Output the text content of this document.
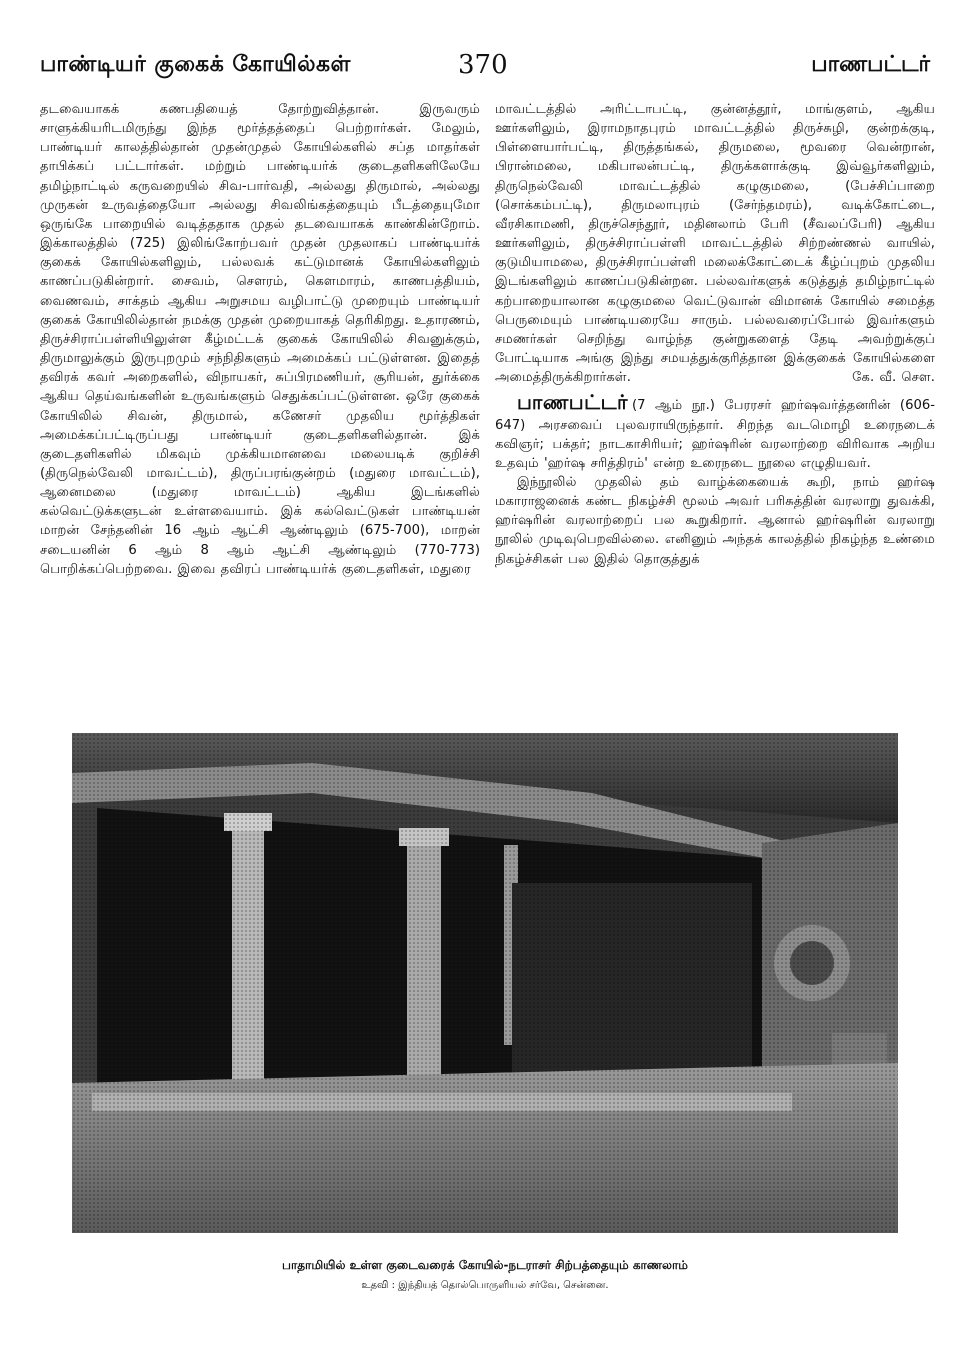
பாண்டியர் குகைக் கோயில்கள்	370	பாணபட்டர்

தடவையாகக் கணபதியைத் தோற்றுவித்தான். இருவரும் சாளுக்கியரிடமிருந்து இந்த மூர்த்தத்தைப் பெற்றார்கள். மேலும், பாண்டியர் காலத்தில்தான் முதன்முதல் கோயில்களில் சப்த மாதர்கள் தாபிக்கப் பட்டார்கள். மற்றும் பாண்டியர்க் குடைதளிகளிலேயே தமிழ்நாட்டில் கருவறையில் சிவ-பார்வதி, அல்லது திருமால், அல்லது முருகன் உருவத்தையோ அல்லது சிவலிங்கத்தையும் பீடத்தையுமோ ஒருங்கே பாறையில் வடித்ததாக முதல் தடவையாகக் காண்கின்றோம். இக்காலத்தில் (725) இலிங்கோற்பவர் முதன் முதலாகப் பாண்டியர்க் குகைக் கோயில்களிலும், பல்லவக் கட்டுமானக் கோயில்களிலும் காணப்படுகின்றார். சைவம், சௌரம், கௌமாரம், காணபத்தியம், வைணவம், சாக்தம் ஆகிய அறுசமய வழிபாட்டு முறையும் பாண்டியர் குகைக் கோயிலில்தான் நமக்கு முதன் முறையாகத் தெரிகிறது. உதாரணம், திருச்சிராப்பள்ளியிலுள்ள கீழ்மட்டக் குகைக் கோயிலில் சிவனுக்கும், திருமாலுக்கும் இருபுறமும் சந்நிதிகளும் அமைக்கப் பட்டுள்ளன. இதைத் தவிரக் கவர் அறைகளில், விநாயகர், சுப்பிரமணியர், சூரியன், துர்க்கை ஆகிய தெய்வங்களின் உருவங்களும் செதுக்கப்பட்டுள்ளன. ஒரே குகைக் கோயிலில் சிவன், திருமால், கணேசர் முதலிய மூர்த்திகள் அமைக்கப்பட்டிருப்பது பாண்டியர் குடைதளிகளில்தான். இக் குடைதளிகளில் மிகவும் முக்கியமானவை மலையடிக் குறிச்சி (திருநெல்வேலி மாவட்டம்), திருப்பரங்குன்றம் (மதுரை மாவட்டம்), ஆனைமலை (மதுரை மாவட்டம்) ஆகிய இடங்களில் கல்வெட்டுக்களுடன் உள்ளவையாம். இக் கல்வெட்டுகள் பாண்டியன் மாறன் சேந்தனின் 16 ஆம் ஆட்சி ஆண்டிலும் (675-700), மாறன் சடையனின் 6 ஆம் 8 ஆம் ஆட்சி ஆண்டிலும் (770-773) பொறிக்கப்பெற்றவை. இவை தவிரப் பாண்டியர்க் குடைதளிகள், மதுரை

மாவட்டத்தில் அரிட்டாபட்டி, குன்னத்தூர், மாங்குளம், ஆகிய ஊர்களிலும், இராமநாதபுரம் மாவட்டத்தில் திருச்சுழி, குன்றக்குடி, பிள்ளையார்பட்டி, திருத்தங்கல், திருமலை, மூவரை வென்றான், பிரான்மலை, மகிபாலன்பட்டி, திருக்களாக்குடி இவ்வூர்களிலும், திருநெல்வேலி மாவட்டத்தில் கழுகுமலை, (பேச்சிப்பாறை (சொக்கம்பட்டி), திருமலாபுரம் (சேர்ந்தமரம்), வடிக்கோட்டை, வீரசிகாமணி, திருச்செந்தூர், மதினலாம் பேரி (சீவலப்பேரி) ஆகிய ஊர்களிலும், திருச்சிராப்பள்ளி மாவட்டத்தில் சிற்றண்ணல் வாயில், குடுமியாமலை, திருச்சிராப்பள்ளி மலைக்கோட்டைக் கீழ்ப்புறம் முதலிய இடங்களிலும் காணப்படுகின்றன. பல்லவர்களுக் கடுத்துத் தமிழ்நாட்டில் கற்பாறையாலான கழுகுமலை வெட்டுவான் விமானக் கோயில் சமைத்த பெருமையும் பாண்டியரையே சாரும். பல்லவரைப்போல் இவர்களும் சமணர்கள் செறிந்து வாழ்ந்த குன்றுகளைத் தேடி அவற்றுக்குப் போட்டியாக அங்கு இந்து சமயத்துக்குரித்தான இக்குகைக் கோயில்களை அமைத்திருக்கிறார்கள்.	கே. வீ. சௌ.

பாணபட்டர் (7 ஆம் நூ.) பேரரசர் ஹர்ஷவர்த்தனரின் (606-647) அரசவைப் புலவராயிருந்தார். சிறந்த வடமொழி உரைநடைக் கவிஞர்; பக்தர்; நாடகாசிரியர்; ஹர்ஷரின் வரலாற்றை விரிவாக அறிய உதவும் 'ஹர்ஷ சரித்திரம்' என்ற உரைநடை நூலை எழுதியவர்.

இந்நூலில் முதலில் தம் வாழ்க்கையைக் கூறி, நாம் ஹர்ஷ மகாராஜனைக் கண்ட நிகழ்ச்சி மூலம் அவர் பரிசுத்தின் வரலாறு துவக்கி, ஹர்ஷரின் வரலாற்றைப் பல கூறுகிறார். ஆனால் ஹர்ஷரின் வரலாறு நூலில் முடிவுபெறவில்லை. எனினும் அந்தக் காலத்தில் நிகழ்ந்த உண்மை நிகழ்ச்சிகள் பல இதில் தொகுத்துக்

பாதாமியில் உள்ள குடைவரைக் கோயில்-நடராசர் சிற்பத்தையும் காணலாம்
உதவி : இந்தியத் தொல்பொருளியல் சர்வே, சென்னை.
